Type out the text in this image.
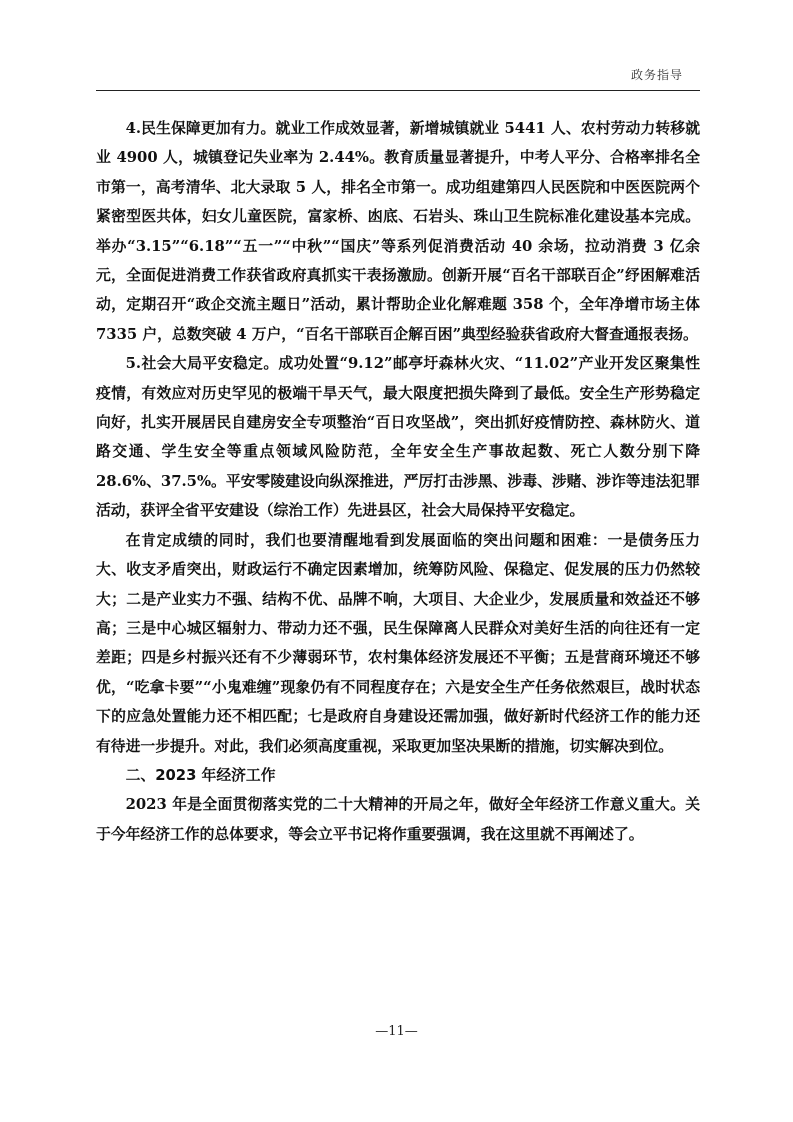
政务指导

4.民生保障更加有力。就业工作成效显著，新增城镇就业 5441 人、农村劳动力转移就业 4900 人，城镇登记失业率为 2.44%。教育质量显著提升，中考人平分、合格率排名全市第一，高考清华、北大录取 5 人，排名全市第一。成功组建第四人民医院和中医医院两个紧密型医共体，妇女儿童医院，富家桥、凼底、石岩头、珠山卫生院标准化建设基本完成。举办“3.15”“6.18”“五一”“中秋”“国庆”等系列促消费活动 40 余场，拉动消费 3 亿余元，全面促进消费工作获省政府真抓实干表扬激励。创新开展“百名干部联百企”纾困解难活动，定期召开“政企交流主题日”活动，累计帮助企业化解难题 358 个，全年净增市场主体 7335 户，总数突破 4 万户，“百名干部联百企解百困”典型经验获省政府大督查通报表扬。

5.社会大局平安稳定。成功处置“9.12”邮亭圩森林火灾、“11.02”产业开发区聚集性疫情，有效应对历史罕见的极端干旱天气，最大限度把损失降到了最低。安全生产形势稳定向好，扎实开展居民自建房安全专项整治“百日攻坚战”，突出抓好疫情防控、森林防火、道路交通、学生安全等重点领域风险防范，全年安全生产事故起数、死亡人数分别下降 28.6%、37.5%。平安零陵建设向纵深推进，严厉打击涉黑、涉毒、涉赌、涉诈等违法犯罪活动，获评全省平安建设（综治工作）先进县区，社会大局保持平安稳定。

在肯定成绩的同时，我们也要清醒地看到发展面临的突出问题和困难：一是债务压力大、收支矛盾突出，财政运行不确定因素增加，统筹防风险、保稳定、促发展的压力仍然较大；二是产业实力不强、结构不优、品牌不响，大项目、大企业少，发展质量和效益还不够高；三是中心城区辐射力、带动力还不强，民生保障离人民群众对美好生活的向往还有一定差距；四是乡村振兴还有不少薄弱环节，农村集体经济发展还不平衡；五是营商环境还不够优，“吃拿卡要”“小鬼难缠”现象仍有不同程度存在；六是安全生产任务依然艰巨，战时状态下的应急处置能力还不相匹配；七是政府自身建设还需加强，做好新时代经济工作的能力还有待进一步提升。对此，我们必须高度重视，采取更加坚决果断的措施，切实解决到位。

二、2023 年经济工作

2023 年是全面贯彻落实党的二十大精神的开局之年，做好全年经济工作意义重大。关于今年经济工作的总体要求，等会立平书记将作重要强调，我在这里就不再阐述了。

—11—
